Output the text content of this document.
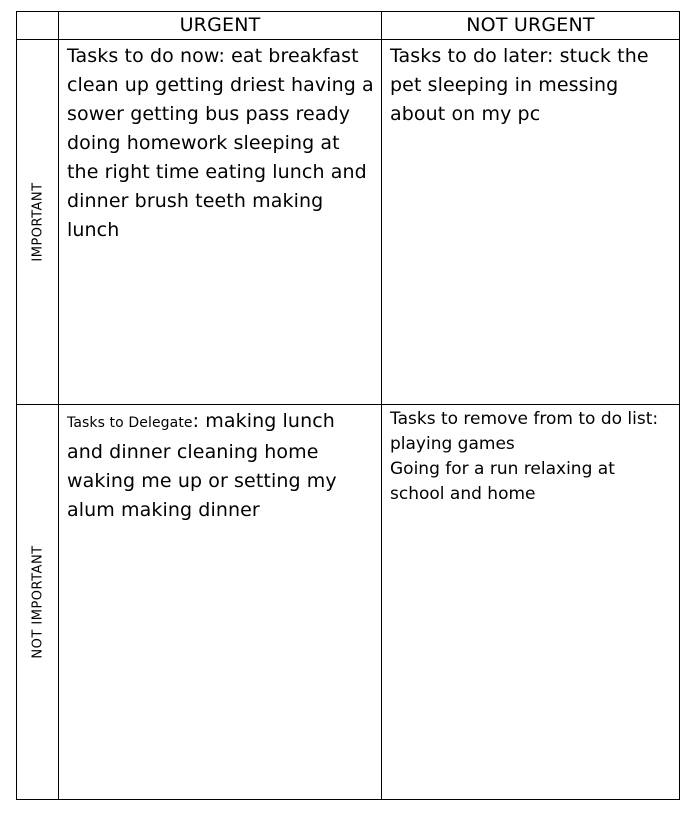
URGENT	NOT URGENT
IMPORTANT

Tasks to do now: eat breakfast clean up getting driest having a sower getting bus pass ready doing homework sleeping at the right time eating lunch and dinner brush teeth making lunch

Tasks to do later: stuck the pet sleeping in messing about on my pc

NOT IMPORTANT

Tasks to Delegate: making lunch and dinner cleaning home waking me up or setting my alum making dinner

Tasks to remove from to do list: playing games
Going for a run relaxing at school and home
